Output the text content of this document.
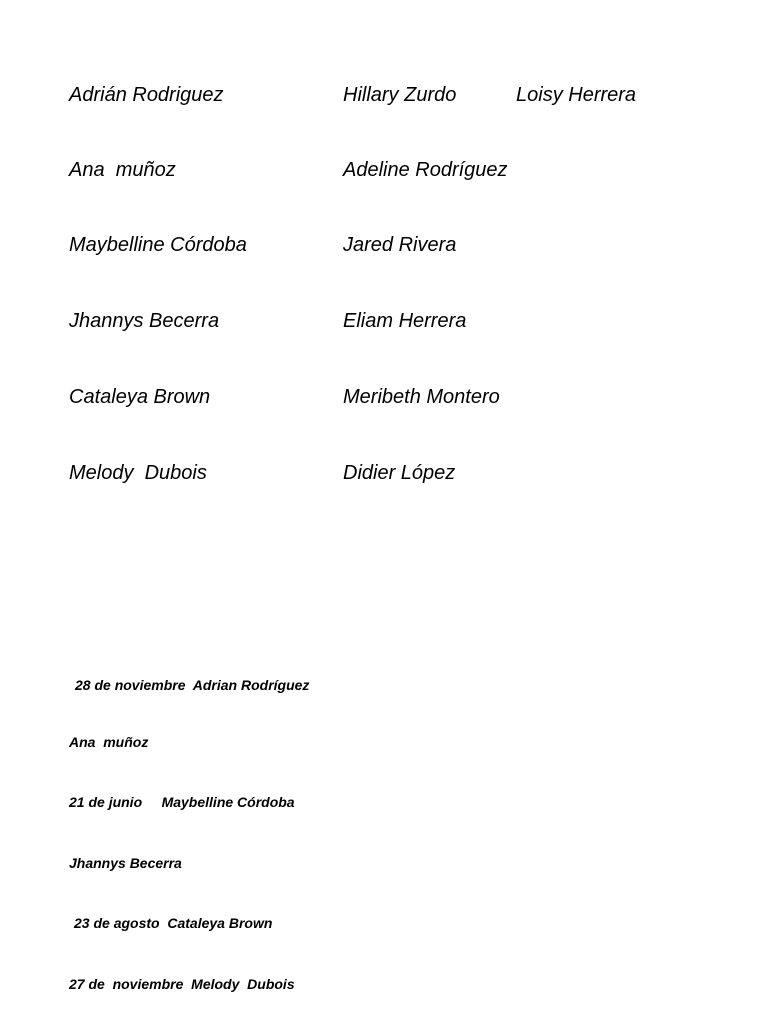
Adrián Rodriguez	Hillary Zurdo	Loisy Herrera
Ana  muñoz	Adeline Rodríguez
Maybelline Córdoba	Jared Rivera
Jhannys Becerra	Eliam Herrera
Cataleya Brown	Meribeth Montero
Melody  Dubois	Didier López
28 de noviembre  Adrian Rodríguez
Ana  muñoz
21 de junio     Maybelline Córdoba
Jhannys Becerra
23 de agosto  Cataleya Brown
27 de  noviembre  Melody  Dubois
